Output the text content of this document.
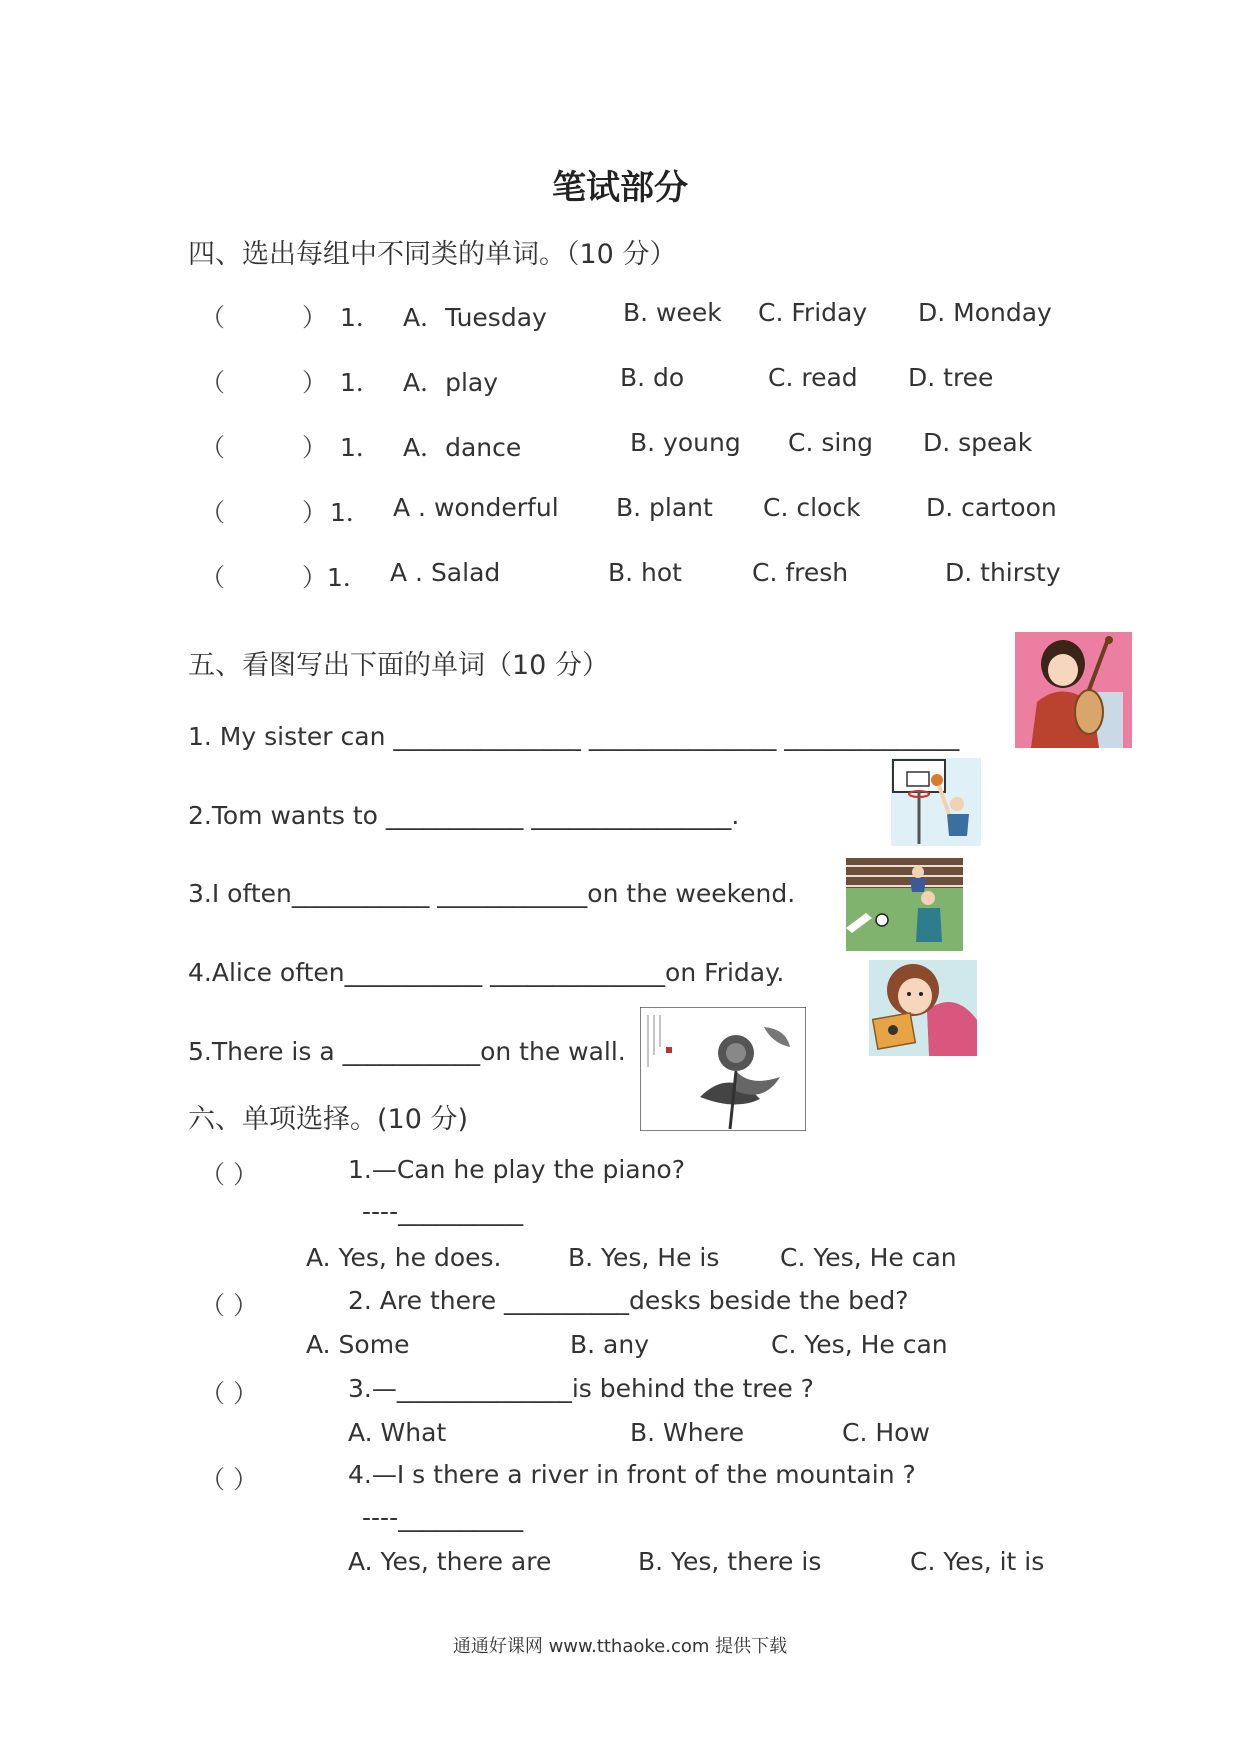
笔试部分
四、选出每组中不同类的单词。（10 分）
（	） 1． A．Tuesday	B. week C. Friday D. Monday
（	） 1． A．play	B. do	C. read D. tree
（	） 1． A．dance	B. young C. sing D. speak
（	） 1． A . wonderful B. plant C. clock	D. cartoon
（	） 1． A . Salad	B. hot	C. fresh	D. thirsty
五、看图写出下面的单词（10 分）
1. My sister can _______________ _______________ ______________
2.Tom wants to ___________ ________________.
3.I often___________ ____________on the weekend.
4.Alice often___________ ______________on Friday.
5.There is a ___________on the wall.
六、单项选择。(10 分)
（ ）	1.—Can he play the piano?
----__________
A. Yes, he does.	B. Yes, He is C. Yes, He can
（ ）	2. Are there __________desks beside the bed?
A. Some	B. any	C. Yes, He can
（ ）	3.—______________is behind the tree ?
A. What	B. Where	C. How
（ ）	4.—I s there a river in front of the mountain ?
----__________
A. Yes, there are	B. Yes, there is	C. Yes, it is
通通好课网 www.tthaoke.com 提供下载
